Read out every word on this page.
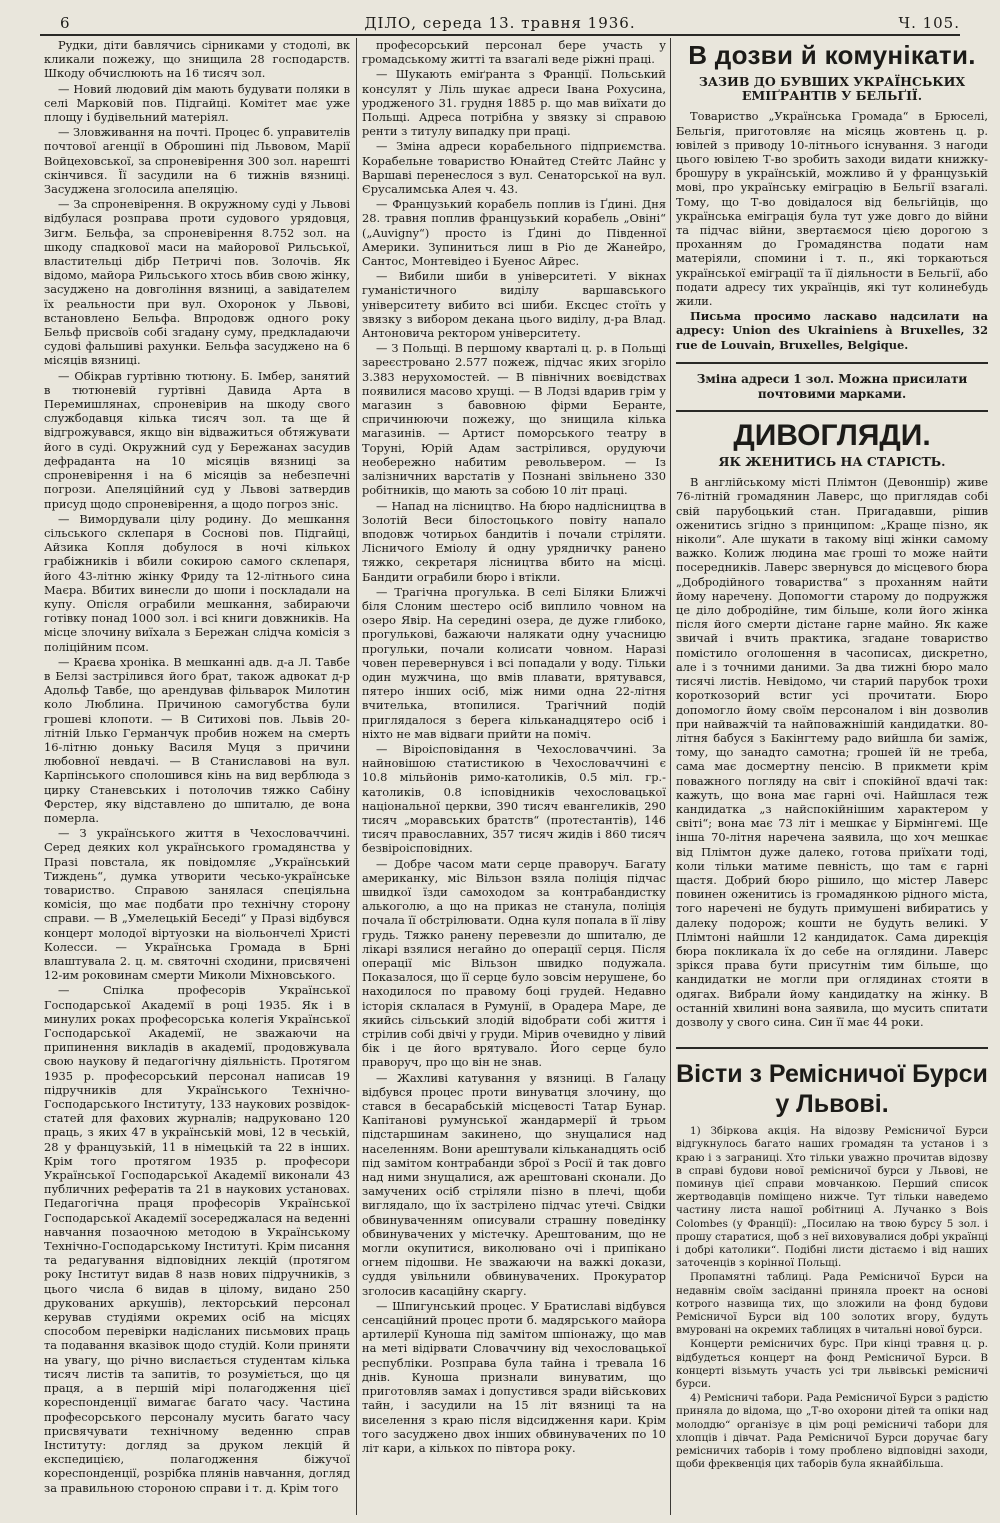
6	ДІЛО, середа 13. травня 1936.	Ч. 105.

Рудки, діти бавлячись сірниками у стодолі, вк кликали пожежу, що знищила 28 господарств. Шкоду обчислюють на 16 тисяч зол.

— Новий людовий дім мають будувати поляки в селі Марковій пов. Підгайці. Комітет має уже площу і будівельний матеріял.

— Зловживання на почті. Процес б. управителів почтової агенції в Оброшині під Львовом, Марії Войцеховської, за спроневірення 300 зол. нарешті скінчився. Її засудили на 6 тижнів вязниці. Засуджена зголосила апеляцію.

— За спроневірення. В окружному суді у Львові відбулася розправа проти судового урядовця, Зигм. Бельфа, за спроневірення 8.752 зол. на шкоду спадкової маси на майорової Рильської, властительці дібр Петричі пов. Золочів. Як відомо, майорa Рильського хтось вбив свою жінку, засуджено на довгоління вязниці, а завідателем їх реальности при вул. Охоронок у Львові, встановлено Бельфа. Впродовж одного року Бельф присвоїв собі згадану суму, предкладаючи судові фальшиві рахунки. Бельфа засуджено на 6 місяців вязниці.

— Обікрав гуртівню тютюну. Б. Імбер, занятий в тютюневій гуртівні Давида Арта в Перемишлянах, спроневірив на шкоду свого службодавця кілька тисяч зол. та ще й відгрожувався, якщо він відважиться обтяжувати його в суді. Окружний суд у Бережанах засудив дефраданта на 10 місяців вязниці за спроневірення і на 6 місяців за небезпечні погрози. Апеляційний суд у Львові затвердив присуд щодо спроневірення, а щодо погроз зніс.

— Вимордували цілу родину. До мешкання сільського склепаря в Соснові пов. Підгайці, Айзика Копля добулося в ночі кількох грабіжників і вбили сокирою самого склепаря, його 43-літню жінку Фриду та 12-літнього сина Маєра. Вбитих винесли до шопи і поскладали на купу. Опісля ограбили мешкання, забираючи готівку понад 1000 зол. і всі книги довжників. На місце злочину виїхала з Бережан слідча комісія з поліційним псом.

— Краєва хроніка. В мешканні адв. д-а Л. Тавбе в Белзі застрілився його брат, також адвокат д-р Адольф Тавбе, що арендував фільварок Милотин коло Люблина. Причиною самогубства були грошеві клопоти. — В Ситихові пов. Львів 20-літній Ілько Германчук пробив ножем на смерть 16-літню доньку Василя Муця з причини любовної невдачі. — В Станиславові на вул. Карпінського сполошився кінь на вид верблюда з цирку Станевських і потолочив тяжко Сабіну Ферстер, яку відставлено до шпиталю, де вона померла.

— З українського життя в Чехословаччині. Серед деяких кол українського громадянства у Празі повстала, як повідомляє „Український Тиждень“, думка утворити чесько-українське товариство. Справою занялася спеціяльна комісія, що має подбати про технічну сторону справи. — В „Умелецькій Беседі“ у Празі відбувся концерт молодої віртуозки на віольончелі Христі Колесси. — Українська Громада в Брні влаштувала 2. ц. м. святочні сходини, присвячені 12-им роковинам смерти Миколи Міхновського.

— Спілка професорів Української Господарської Академії в році 1935. Як і в минулих роках професорська колегія Української Господарської Академії, не зважаючи на припинення викладів в академії, продовжувала свою наукову й педагогічну діяльність. Протягом 1935 р. професорський персонал написав 19 підручників для Українського Технічно-Господарського Інституту, 133 наукових розвідок-статей для фахових журналів; надруковано 120 праць, з яких 47 в українській мові, 12 в чеській, 28 у французькій, 11 в німецькій та 22 в інших. Крім того протягом 1935 р. професори Української Господарської Академії виконали 43 публичних рефератів та 21 в наукових установах. Педагогічна праця професорів Української Господарської Академії зосереджалася на веденні навчання позаочною методою в Українському Технічно-Господарському Інституті. Крім писання та редагування відповідних лекцій (протягом року Інститут видав 8 назв нових підручників, з цього числа 6 видав в цілому, видано 250 друкованих аркушів), лекторський персонал керував студіями окремих осіб на місцях способом перевірки надісланих письмових праць та подавання вказівок щодо студій. Коли приняти на увагу, що річно вислається студентам кілька тисяч листів та запитів, то розуміється, що ця праця, а в першій мірі полагодження цієї кореспонденції вимагає багато часу. Частина професорського персоналу мусить багато часу присвячувати технічному веденню справ Інституту: догляд за друком лекцій й експедицією, полагодження біжучої кореспонденції, розрібка плянів навчання, догляд за правильною стороною справи і т. д. Крім того

професорський персонал бере участь у громадському житті та взагалі веде ріжні праці.

— Шукають еміґранта з Франції. Польський консулят у Ліль шукає адреси Івана Рохусина, уродженого 31. грудня 1885 р. що мав виїхати до Польщі. Адреса потрібна у звязку зі справою ренти з титулу випадку при праці.

— Зміна адреси корабельного підприємства. Корабельне товариство Юнайтед Стейтс Лайнс у Варшаві перенеслося з вул. Сенаторської на вул. Єрусалимська Алея ч. 43.

— Французький корабель поплив із Ґдині. Дня 28. травня поплив французький корабель „Овіні“ („Auvigny“) просто із Ґдині до Південної Америки. Зупиниться лиш в Ріо де Жанейро, Сантос, Монтевідео і Буенос Айрес.

— Вибили шиби в університеті. У вікнах гуманістичного виділу варшавського університету вибито всі шиби. Ексцес стоїть у звязку з вибором декана цього виділу, д-ра Влад. Антоновича ректором університету.

— З Польщі. В першому кварталі ц. р. в Польщі зареєстровано 2.577 пожеж, підчас яких згоріло 3.383 нерухомостей. — В північних воєвідствах появилися масово хрущі. — В Лодзі вдарив грім у магазин з бавовною фірми Беранте, спричинюючи пожежу, що знищила кілька магазинів. — Артист поморського театру в Торуні, Юрій Адам застрілився, орудуючи необережно набитим револьвером. — Із залізничних варстатів у Познані звільнено 330 робітників, що мають за собою 10 літ праці.

— Напад на лісництво. На бюро надлісництва в Золотій Веси білостоцького повіту напало вподовж чотирьох бандитів і почали стріляти. Лісничого Еміолу й одну урядничку ранено тяжко, секретаря лісництва вбито на місці. Бандити ограбили бюро і втікли.

— Трагічна прогулька. В селі Біляки Ближчі біля Слоним шестеро осіб виплило човном на озеро Явір. На середині озера, де дуже глибоко, прогулькові, бажаючи налякати одну учасницю прогульки, почали колисати човном. Наразі човен перевернувся і всі попадали у воду. Тільки один мужчина, що вмів плавати, врятувався, пятеро інших осіб, між ними одна 22-літня вчителька, втопилися. Трагічний подій приглядалося з берега кільканадцятеро осіб і ніхто не мав відваги прийти на поміч.

— Віроісповідання в Чехословаччині. За найновішою статистикою в Чехословаччині є 10.8 мільйонів римо-католиків, 0.5 міл. гр.-католиків, 0.8 ісповідників чехословацької національної церкви, 390 тисяч евангеликів, 290 тисяч „моравських братств“ (протестантів), 146 тисяч православних, 357 тисяч жидів і 860 тисяч безвіроісповідних.

— Добре часом мати серце праворуч. Багату американку, міс Вільзон взяла поліція підчас швидкої їзди самоходом за контрабандистку алькоголю, а що на приказ не станула, поліція почала її обстрілювати. Одна куля попала в її ліву грудь. Тяжко ранену перевезли до шпиталю, де лікарі взялися негайно до операції серця. Після операції міс Вільзон швидко подужала. Показалося, що її серце було зовсім нерушене, бо находилося по правому боці грудей. Недавно історія склалася в Румунії, в Орадера Маре, де якийсь сільський злодій відобрати собі життя і стрілив собі двічі у груди. Мірив очевидно у лівий бік і це його врятувало. Його серце було праворуч, про що він не знав.

— Жахливі катування у вязниці. В Ґалацу відбувся процес проти винуватця злочину, що стався в бесарабській місцевості Татар Бунар. Капітанові румунської жандармерії й трьом підстаршинам закинено, що знущалися над населенням. Вони арештували кільканадцять осіб під замітом контрабанди зброї з Росії й так довго над ними знущалися, аж арештовані сконали. До замучених осіб стріляли пізно в плечі, щоби виглядало, що їх застрілено підчас утечі. Свідки обвинуваченням описували страшну поведінку обвинувачених у містечку. Арештованим, що не могли окупитися, виколювано очі і припікано огнем підошви. Не зважаючи на важкі докази, суддя увільнили обвинувачених. Прокуратор зголосив касаційну скаргу.

— Шпигунський процес. У Братиславі відбувся сенсаційний процес проти б. мадярського майора артилерії Кунoша під замітом шпіонажу, що мав на меті відірвати Словаччину від чехословацької республіки. Розправа була тайна і тревала 16 днів. Кунoша признали винуватим, що приготовляв замах і допустився зради військових тайн, і засудили на 15 літ вязниці та на виселення з краю після відсидження кари. Крім того засуджено двох інших обвинувачених по 10 літ кари, а кількох по півтора року.

В дозви й комунікати.
ЗАЗИВ ДО БУВШИХ УКРАЇНСЬКИХ ЕМІҐРАНТІВ У БЕЛЬҐІЇ.

Товариство „Українська Громада“ в Брюселі, Бельгія, приготовляє на місяць жовтень ц. р. ювілей з приводу 10-літнього існування. З нагоди цього ювілею Т-во зробить заходи видати книжку-брошуру в українській, можливо й у французькій мові, про українську еміграцію в Бельгії взагалі. Тому, що Т-во довідалося від бельгійців, що українська еміграція була тут уже довго до війни та підчас війни, звертаємося цією дорогою з проханням до Громадянства подати нам матеріяли, спомини і т. п., які торкаються української еміграції та її діяльности в Бельгії, або подати адресу тих українців, які тут колинебудь жили.

Письма просимо ласкаво надсилати на адресу: Union des Ukrainiens à Bruxelles, 32 rue de Louvain, Bruxelles, Belgique.

Зміна адреси 1 зол. Можна присилати почтовими марками.
ДИВОГЛЯДИ.
ЯК ЖЕНИТИСЬ НА СТАРІСТЬ.

В англійському місті Плімтон (Девоншір) живе 76-літній громадянин Лаверс, що приглядав собі свій парубоцький стан. Пригадавши, рішив оженитись згідно з принципом: „Краще пізно, як ніколи“. Але шукати в такому віці жінки самому важко. Колиж людина має гроші то може найти посередників. Лаверс звернувся до місцевого бюра „Добродійного товариства“ з проханням найти йому наречену. Допомогти старому до подружжя це діло добродійне, тим більше, коли його жінка після його смерти дістане гарне майно. Як каже звичай і вчить практика, згадане товариство помістило оголошення в часописах, дискретно, але і з точними даними. За два тижні бюро мало тисячі листів. Невідомо, чи старий парубок трохи короткозорий встиг усі прочитати. Бюро допомогло йому своїм персоналом і він дозволив при найважчій та найповажнішій кандидатки. 80-літня бабуся з Бакінгтему радо вийшла би заміж, тому, що занадто самотна; грошей їй не треба, сама має досмертну пенсію. В прикмети крім поважного погляду на світ і спокійної вдачі так: кажуть, що вона має гарні очі. Найшлася теж кандидатка „з найспокійнішим характером у світі“; вона має 73 літ і мешкає у Бірмінгемі. Ще інша 70-літня наречена заявила, що хоч мешкає від Плімтон дуже далеко, готова приїхати тоді, коли тільки матиме певність, що там є гарні щастя. Добрий бюро рішило, що містер Лаверс повинен оженитись із громадянкою рідного міста, того наречені не будуть примушені вибиратись у далеку подорож; кошти не будуть великі. У Плімтоні найшли 12 кандидаток. Сама дирекція бюра покликала їх до себе на оглядини. Лаверс зрікся права бути присутнім тим більше, що кандидатки не могли при оглядинах стояти в одягах. Вибрали йому кандидатку на жінку. В останній хвилині вона заявила, що мусить спитати дозволу у свого сина. Син її має 44 роки.

Вісти з Ремісничої Бурси у Львові.

1) Збіркова акція. На відозву Ремісничої Бурси відгукнулось багато наших громадян та установ і з краю і з заграниці. Хто тільки уважно прочитав відозву в справі будови нової ремісничої бурси у Львові, не поминув цієї справи мовчанкою. Перший список жертводавців поміщено нижче. Тут тільки наведемо частину листа нашої робітниці А. Лучанко з Bois Colombes (у Франції): „Посилаю на твою бурсу 5 зол. і прошу старатися, щоб з неї виховувалися добрі українці і добрі католики“. Подібні листи дістаємо і від наших заточенців з корінної Польщі.

Пропамятні таблиці. Рада Ремісничої Бурси на недавнім своїм засіданні приняла проект на основі котрого назвища тих, що зложили на фонд будови Ремісничої Бурси від 100 золотих вгору, будуть вмуровані на окремих таблицях в читальні нової бурси.

Концерти ремісничих бурс. При кінці травня ц. р. відбудеться концерт на фонд Ремісничої Бурси. В концерті візьмуть участь усі три львівські ремісничі бурси.

4) Ремісничі табори. Рада Ремісничої Бурси з радістю приняла до відома, що „Т-во охорони дітей та опіки над молоддю“ організує в цім році ремісничі табори для хлопців і дівчат. Рада Ремісничої Бурси доручає багу ремісничих таборів і тому проблено відповідні заходи, щоби фреквенція цих таборів була якнайбільша.
